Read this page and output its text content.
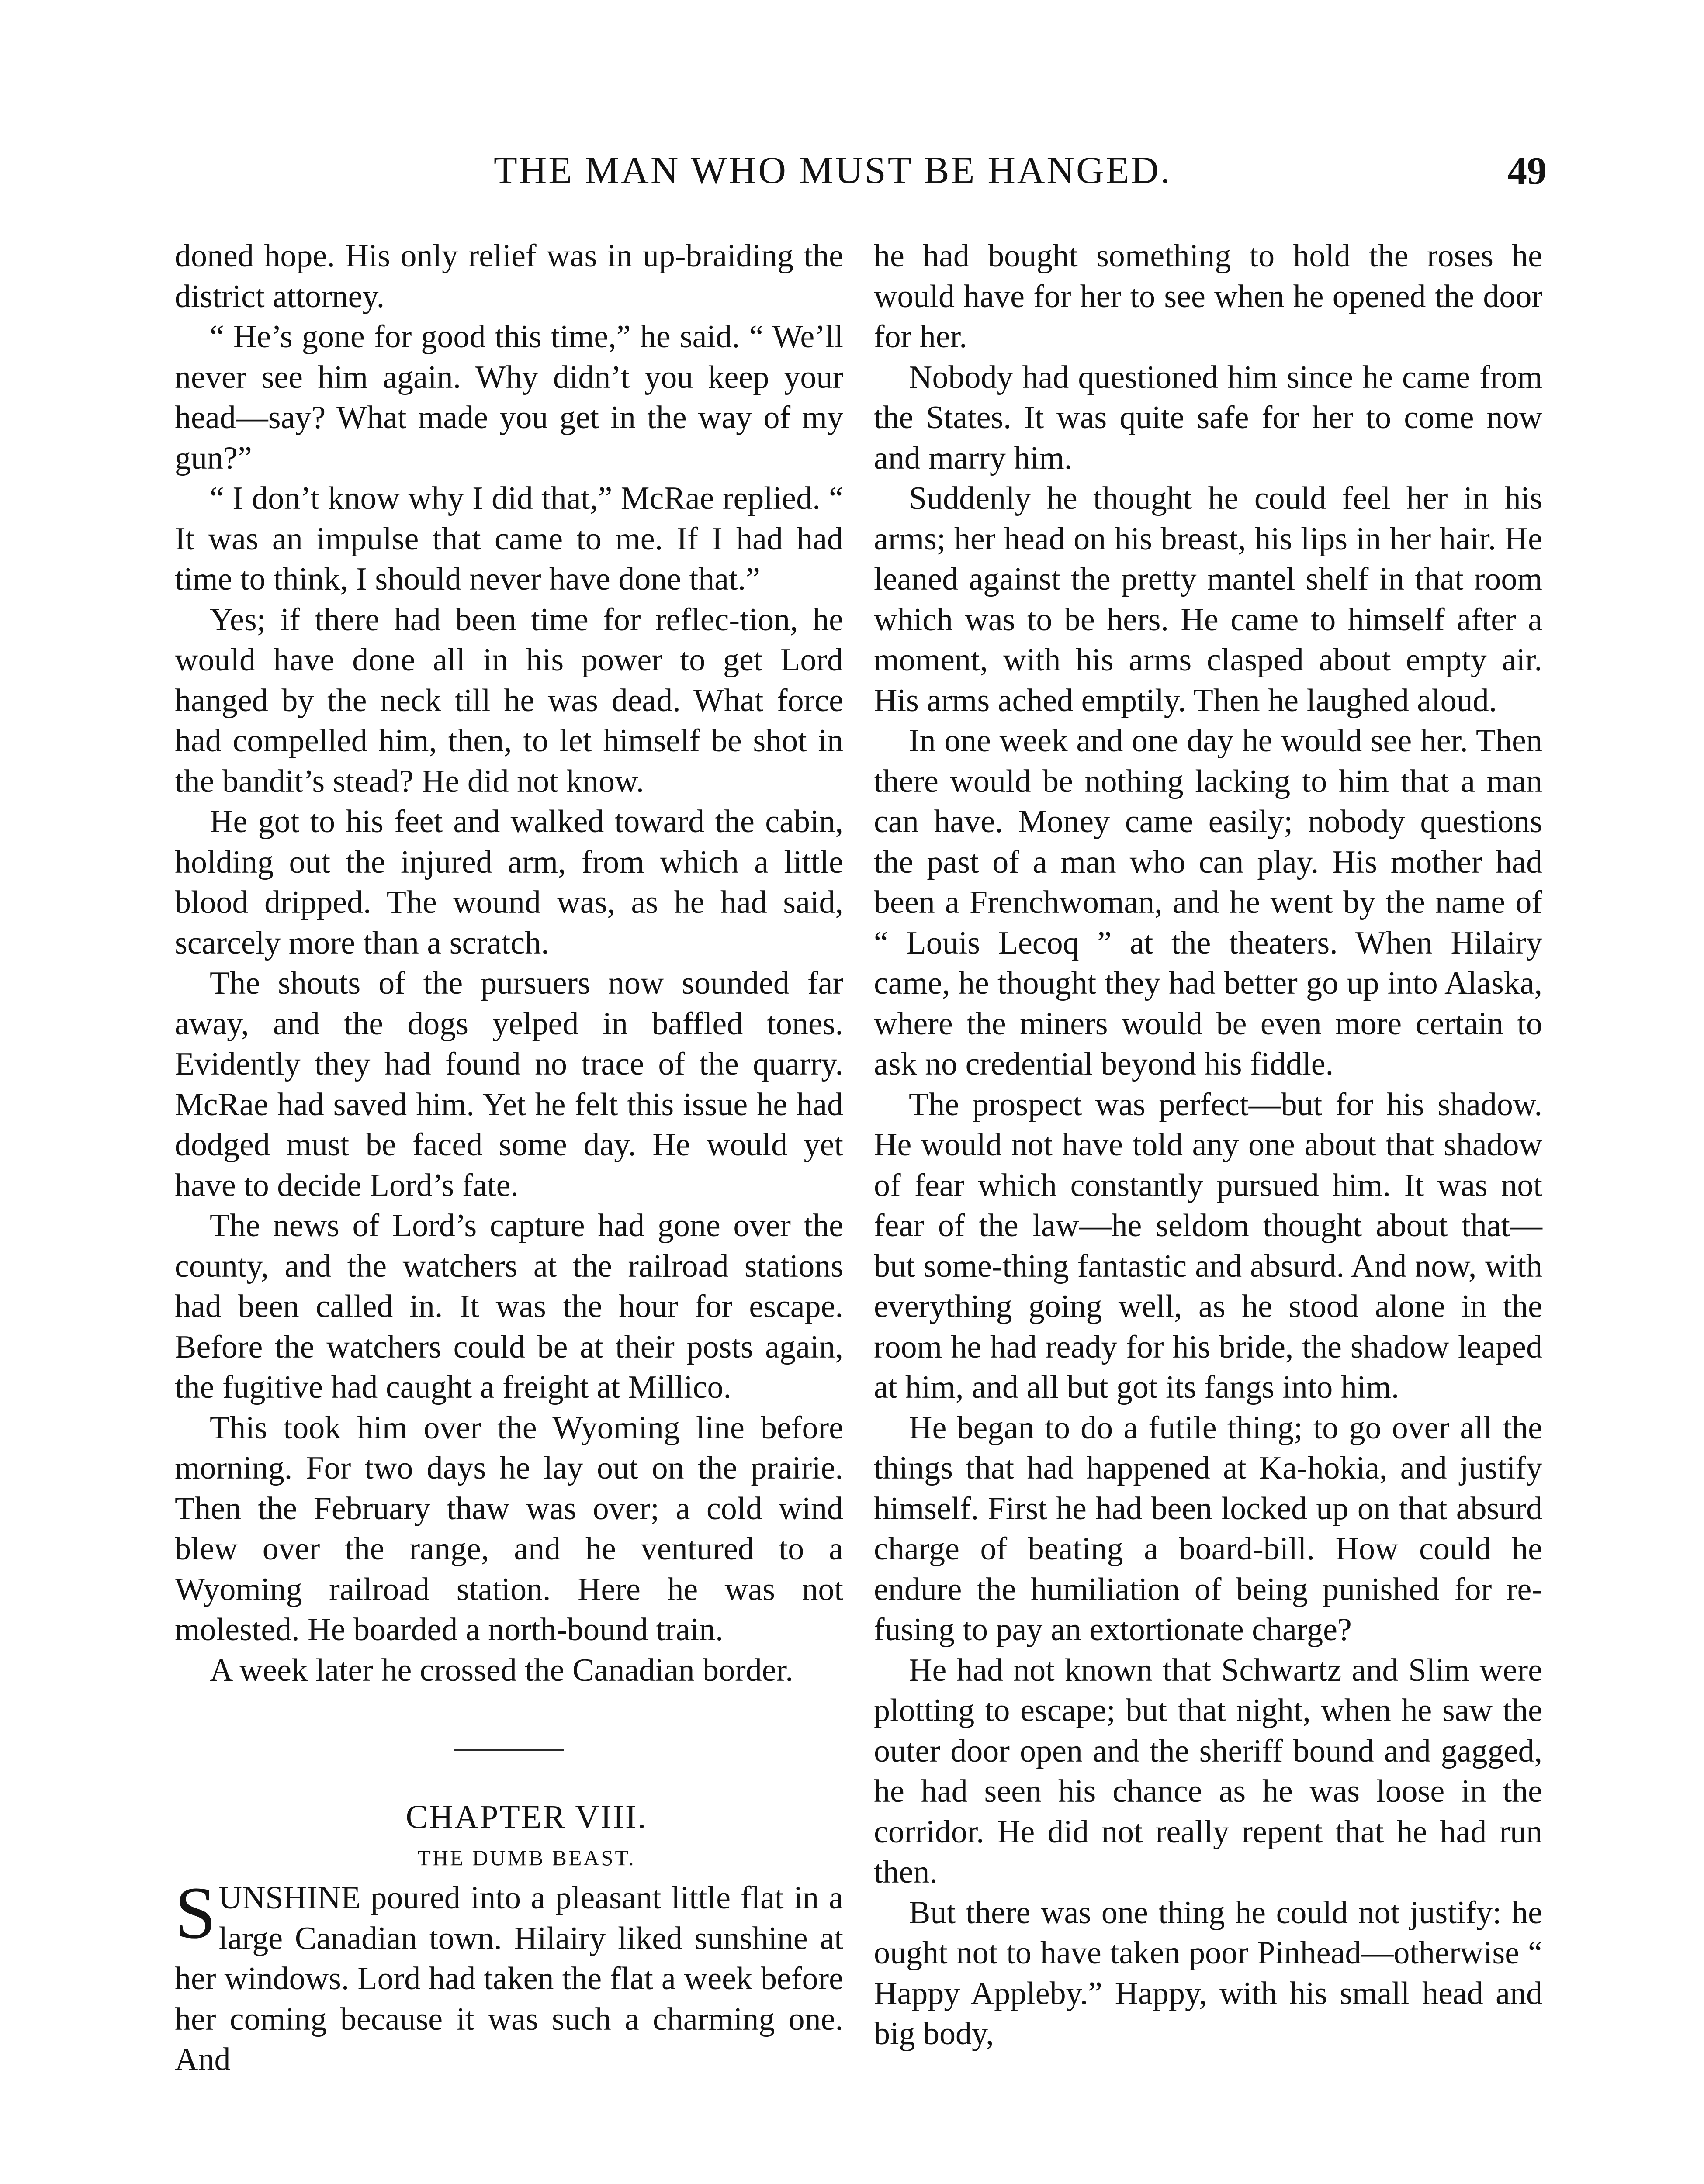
THE MAN WHO MUST BE HANGED.	49

doned hope. His only relief was in up-braiding the district attorney.

“ He’s gone for good this time,” he said. “ We’ll never see him again. Why didn’t you keep your head—say? What made you get in the way of my gun?”

“ I don’t know why I did that,” McRae replied. “ It was an impulse that came to me. If I had had time to think, I should never have done that.”

Yes; if there had been time for reflec-tion, he would have done all in his power to get Lord hanged by the neck till he was dead. What force had compelled him, then, to let himself be shot in the bandit’s stead? He did not know.

He got to his feet and walked toward the cabin, holding out the injured arm, from which a little blood dripped. The wound was, as he had said, scarcely more than a scratch.

The shouts of the pursuers now sounded far away, and the dogs yelped in baffled tones. Evidently they had found no trace of the quarry. McRae had saved him. Yet he felt this issue he had dodged must be faced some day. He would yet have to decide Lord’s fate.

The news of Lord’s capture had gone over the county, and the watchers at the railroad stations had been called in. It was the hour for escape. Before the watchers could be at their posts again, the fugitive had caught a freight at Millico.

This took him over the Wyoming line before morning. For two days he lay out on the prairie. Then the February thaw was over; a cold wind blew over the range, and he ventured to a Wyoming railroad station. Here he was not molested. He boarded a north-bound train.

A week later he crossed the Canadian border.

CHAPTER VIII.

THE DUMB BEAST.

SUNSHINE poured into a pleasant little flat in a large Canadian town. Hilairy liked sunshine at her windows. Lord had taken the flat a week before her coming because it was such a charming one. And

he had bought something to hold the roses he would have for her to see when he opened the door for her.

Nobody had questioned him since he came from the States. It was quite safe for her to come now and marry him.

Suddenly he thought he could feel her in his arms; her head on his breast, his lips in her hair. He leaned against the pretty mantel shelf in that room which was to be hers. He came to himself after a moment, with his arms clasped about empty air. His arms ached emptily. Then he laughed aloud.

In one week and one day he would see her. Then there would be nothing lacking to him that a man can have. Money came easily; nobody questions the past of a man who can play. His mother had been a Frenchwoman, and he went by the name of “ Louis Lecoq ” at the theaters. When Hilairy came, he thought they had better go up into Alaska, where the miners would be even more certain to ask no credential beyond his fiddle.

The prospect was perfect—but for his shadow. He would not have told any one about that shadow of fear which constantly pursued him. It was not fear of the law—he seldom thought about that—but some-thing fantastic and absurd. And now, with everything going well, as he stood alone in the room he had ready for his bride, the shadow leaped at him, and all but got its fangs into him.

He began to do a futile thing; to go over all the things that had happened at Ka-hokia, and justify himself. First he had been locked up on that absurd charge of beating a board-bill. How could he endure the humiliation of being punished for re-fusing to pay an extortionate charge?

He had not known that Schwartz and Slim were plotting to escape; but that night, when he saw the outer door open and the sheriff bound and gagged, he had seen his chance as he was loose in the corridor. He did not really repent that he had run then.

But there was one thing he could not justify: he ought not to have taken poor Pinhead—otherwise “ Happy Appleby.” Happy, with his small head and big body,
